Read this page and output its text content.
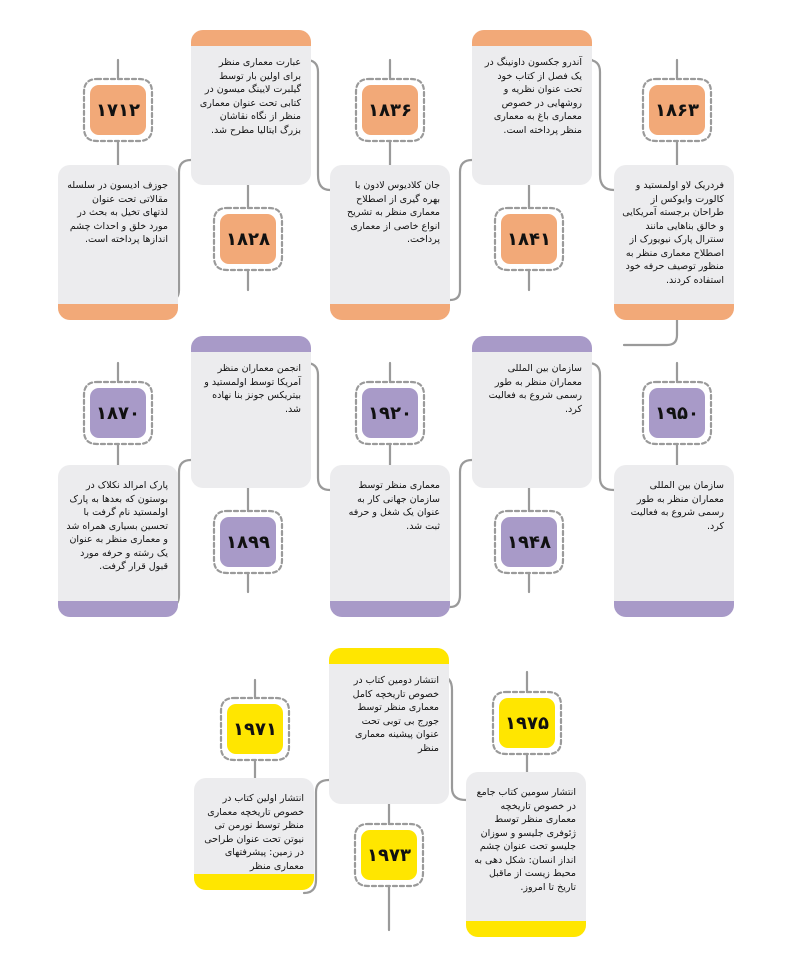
۱۸۶۳
فردریک لاو اولمستید و کالورت وایوکس از طراحان برجسته آمریکایی و خالق بناهایی مانند سنترال پارک نیویورک از اصطلاح معماری منظر به منظور توصیف حرفه خود استفاده کردند.
آندرو جکسون داونینگ در یک فصل از کتاب خود تحت عنوان نظریه و روشهایی در خصوص معماری باغ به معماری منظر پرداخته است.
۱۸۴۱
۱۸۳۶
جان کلادیوس لادون با بهره گیری از اصطلاح معماری منظر به تشریح انواع خاصی از معماری پرداخت.
عبارت معماری منظر برای اولین بار توسط گیلبرت لایینگ میسون در کتابی تحت عنوان معماری منظر از نگاه نقاشان بزرگ ایتالیا مطرح شد.
۱۸۲۸
۱۷۱۲
جوزف ادیسون در سلسله مقالاتی تحت عنوان لذتهای تخیل به بحث در مورد خلق و احداث چشم اندازها پرداخته است.
۱۹۵۰
سازمان بین المللی معماران منظر به طور رسمی شروع به فعالیت کرد.
سازمان بین المللی معماران منظر به طور رسمی شروع به فعالیت کرد.
۱۹۴۸
۱۹۲۰
معماری منظر توسط سازمان جهانی کار به عنوان یک شغل و حرفه ثبت شد.
انجمن معماران منظر آمریکا توسط اولمستید و بیتریکس جونز بنا نهاده شد.
۱۸۹۹
۱۸۷۰
پارک امرالد نکلاک در بوستون که بعدها به پارک اولمستید نام گرفت با تحسین بسیاری همراه شد و معماری منظر به عنوان یک رشته و حرفه مورد قبول قرار گرفت.
۱۹۷۵
انتشار سومین کتاب جامع در خصوص تاریخچه معماری منظر توسط ژئوفری جلیسو و سوزان جلیسو تحت عنوان چشم انداز انسان: شکل دهی به محیط زیست از ماقبل تاریخ تا امروز.
انتشار دومین کتاب در خصوص تاریخچه کامل معماری منظر توسط جورج بی توبی تحت عنوان پیشینه معماری منظر
۱۹۷۳
۱۹۷۱
انتشار اولین کتاب در خصوص تاریخچه معماری منظر توسط نورمن تی نیوتن تحت عنوان طراحی در زمین: پیشرفتهای معماری منظر
